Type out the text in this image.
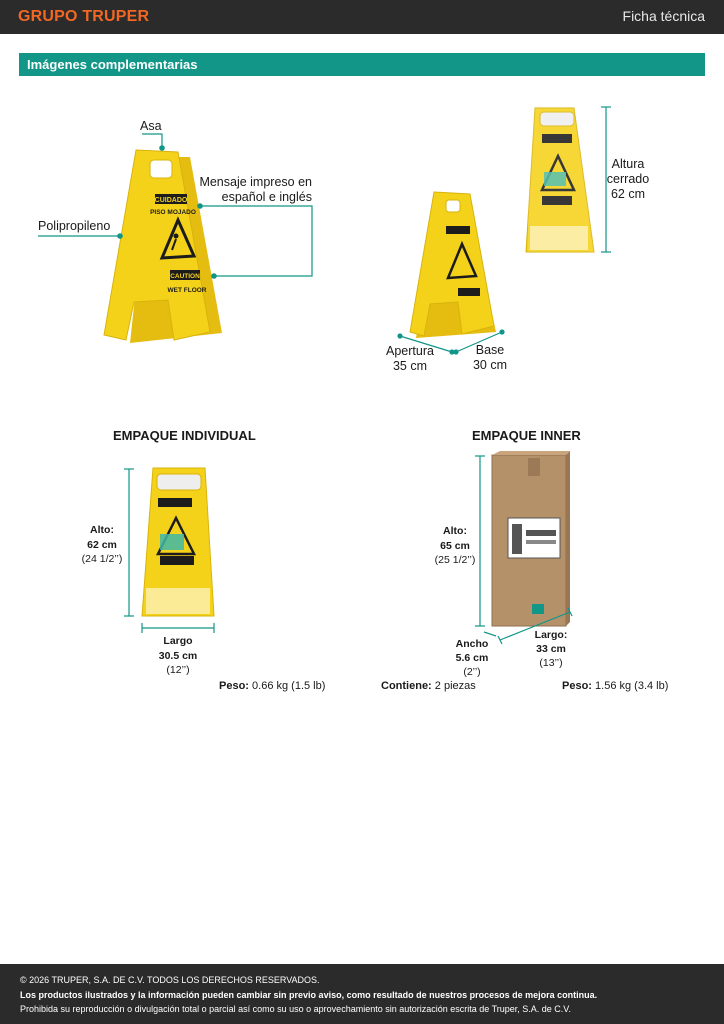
GRUPO TRUPER	Ficha técnica
Imágenes complementarias
CUIDADO
PISO MOJADO
CAUTION
WET FLOOR
Asa
Mensaje impreso en
español e inglés
Polipropileno
Altura
cerrado
62 cm
Apertura
35 cm
Base
30 cm
EMPAQUE INDIVIDUAL
Alto:
62 cm
(24 1/2’’)
Largo
30.5 cm
(12’’)
Peso: 0.66 kg (1.5 lb)
EMPAQUE INNER
Alto:
65 cm
(25 1/2’’)
Ancho
5.6 cm
(2’’)
Largo:
33 cm
(13’’)
Contiene: 2 piezas	Peso: 1.56 kg (3.4 lb)
© 2026 TRUPER, S.A. DE C.V. TODOS LOS DERECHOS RESERVADOS.
Los productos ilustrados y la información pueden cambiar sin previo aviso, como resultado de nuestros procesos de mejora continua.
Prohibida su reproducción o divulgación total o parcial así como su uso o aprovechamiento sin autorización escrita de Truper, S.A. de C.V.
